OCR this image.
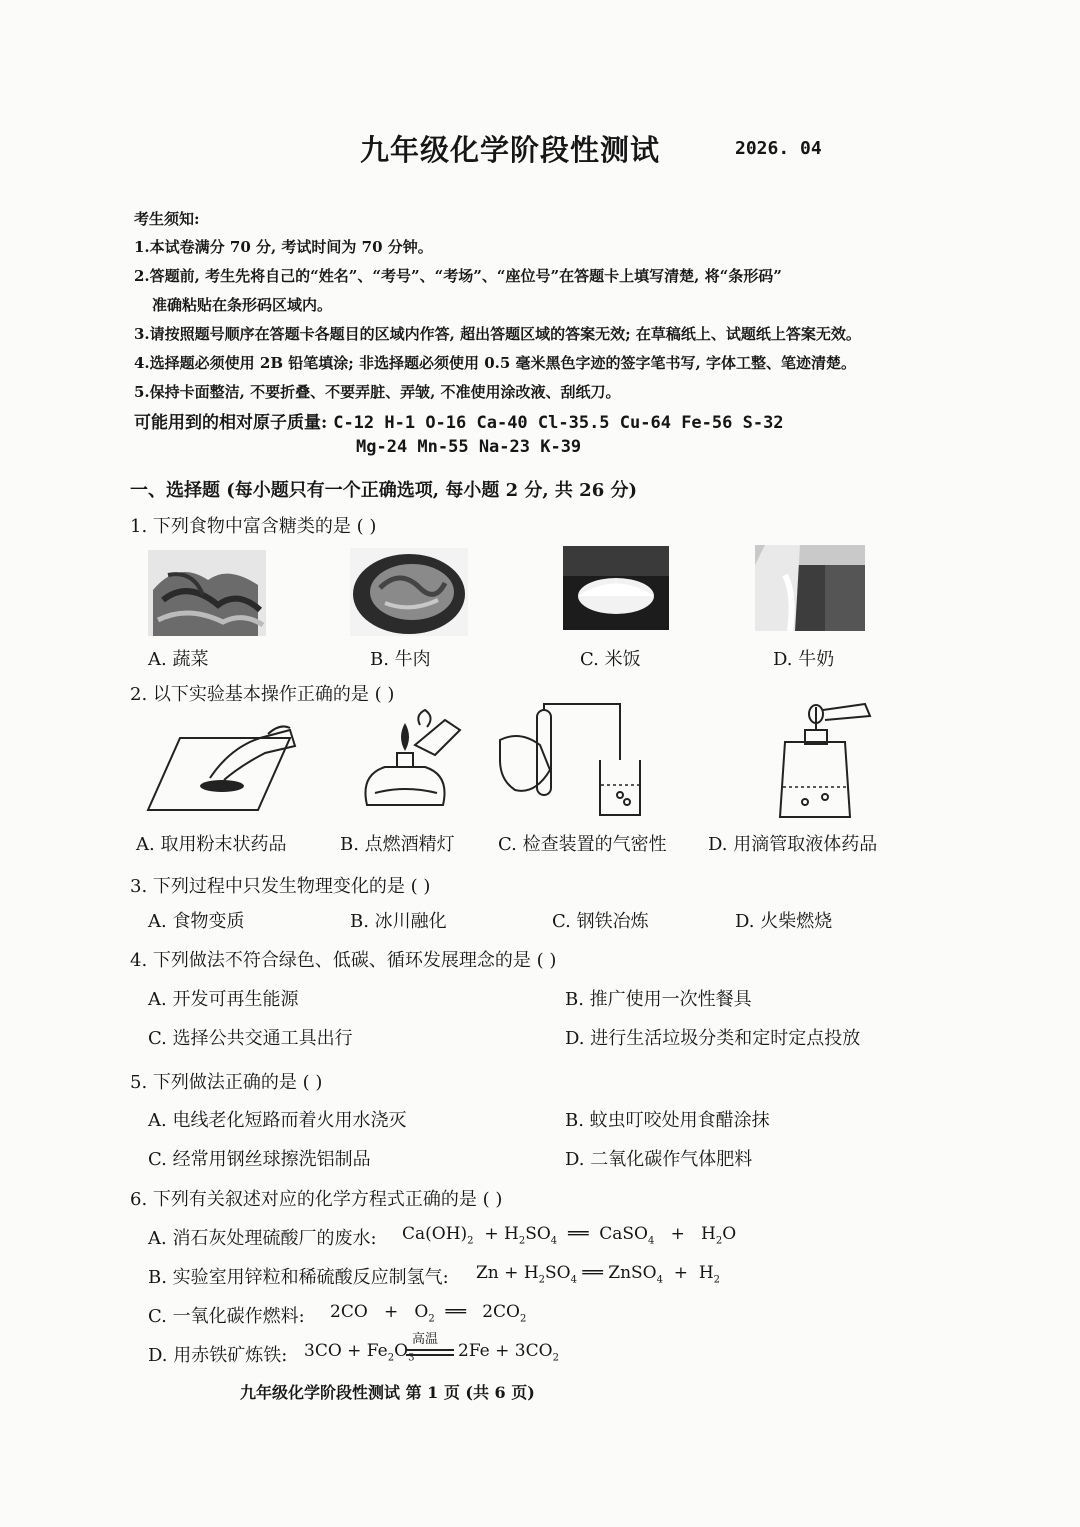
九年级化学阶段性测试	2026. 04
考生须知:
1.本试卷满分 70 分, 考试时间为 70 分钟。
2.答题前, 考生先将自己的“姓名”、“考号”、“考场”、“座位号”在答题卡上填写清楚, 将“条形码”
准确粘贴在条形码区域内。
3.请按照题号顺序在答题卡各题目的区域内作答, 超出答题区域的答案无效; 在草稿纸上、试题纸上答案无效。
4.选择题必须使用 2B 铅笔填涂; 非选择题必须使用 0.5 毫米黑色字迹的签字笔书写, 字体工整、笔迹清楚。
5.保持卡面整洁, 不要折叠、不要弄脏、弄皱, 不准使用涂改液、刮纸刀。
可能用到的相对原子质量: C-12 H-1 O-16 Ca-40 Cl-35.5 Cu-64 Fe-56 S-32
Mg-24 Mn-55 Na-23 K-39
一、选择题 (每小题只有一个正确选项, 每小题 2 分, 共 26 分)
1. 下列食物中富含糖类的是 ( )
A. 蔬菜	B. 牛肉	C. 米饭	D. 牛奶
2. 以下实验基本操作正确的是 ( )
A. 取用粉末状药品	B. 点燃酒精灯 C. 检查装置的气密性 D. 用滴管取液体药品
3. 下列过程中只发生物理变化的是 ( )
A. 食物变质	B. 冰川融化	C. 钢铁冶炼	D. 火柴燃烧
4. 下列做法不符合绿色、低碳、循环发展理念的是 ( )
A. 开发可再生能源	B. 推广使用一次性餐具
C. 选择公共交通工具出行	D. 进行生活垃圾分类和定时定点投放
5. 下列做法正确的是 ( )
A. 电线老化短路而着火用水浇灭	B. 蚊虫叮咬处用食醋涂抹
C. 经常用钢丝球擦洗铝制品	D. 二氧化碳作气体肥料
6. 下列有关叙述对应的化学方程式正确的是 ( )
A. 消石灰处理硫酸厂的废水: $Ca(OH)_2 + H_2SO_4$  ══  CaSO$_4$   +   $H_2O$
B. 实验室用锌粒和稀硫酸反应制氢气: $Zn + H_2SO_4$ ══ ZnSO$_4$  +  $H_2$
C. 一氧化碳作燃料: $2CO + O_2$  ══   $2CO_2$
D. 用赤铁矿炼铁: $3CO + Fe_2O_3$
高温
$2Fe + 3CO_2$
九年级化学阶段性测试 第 1 页 (共 6 页)
